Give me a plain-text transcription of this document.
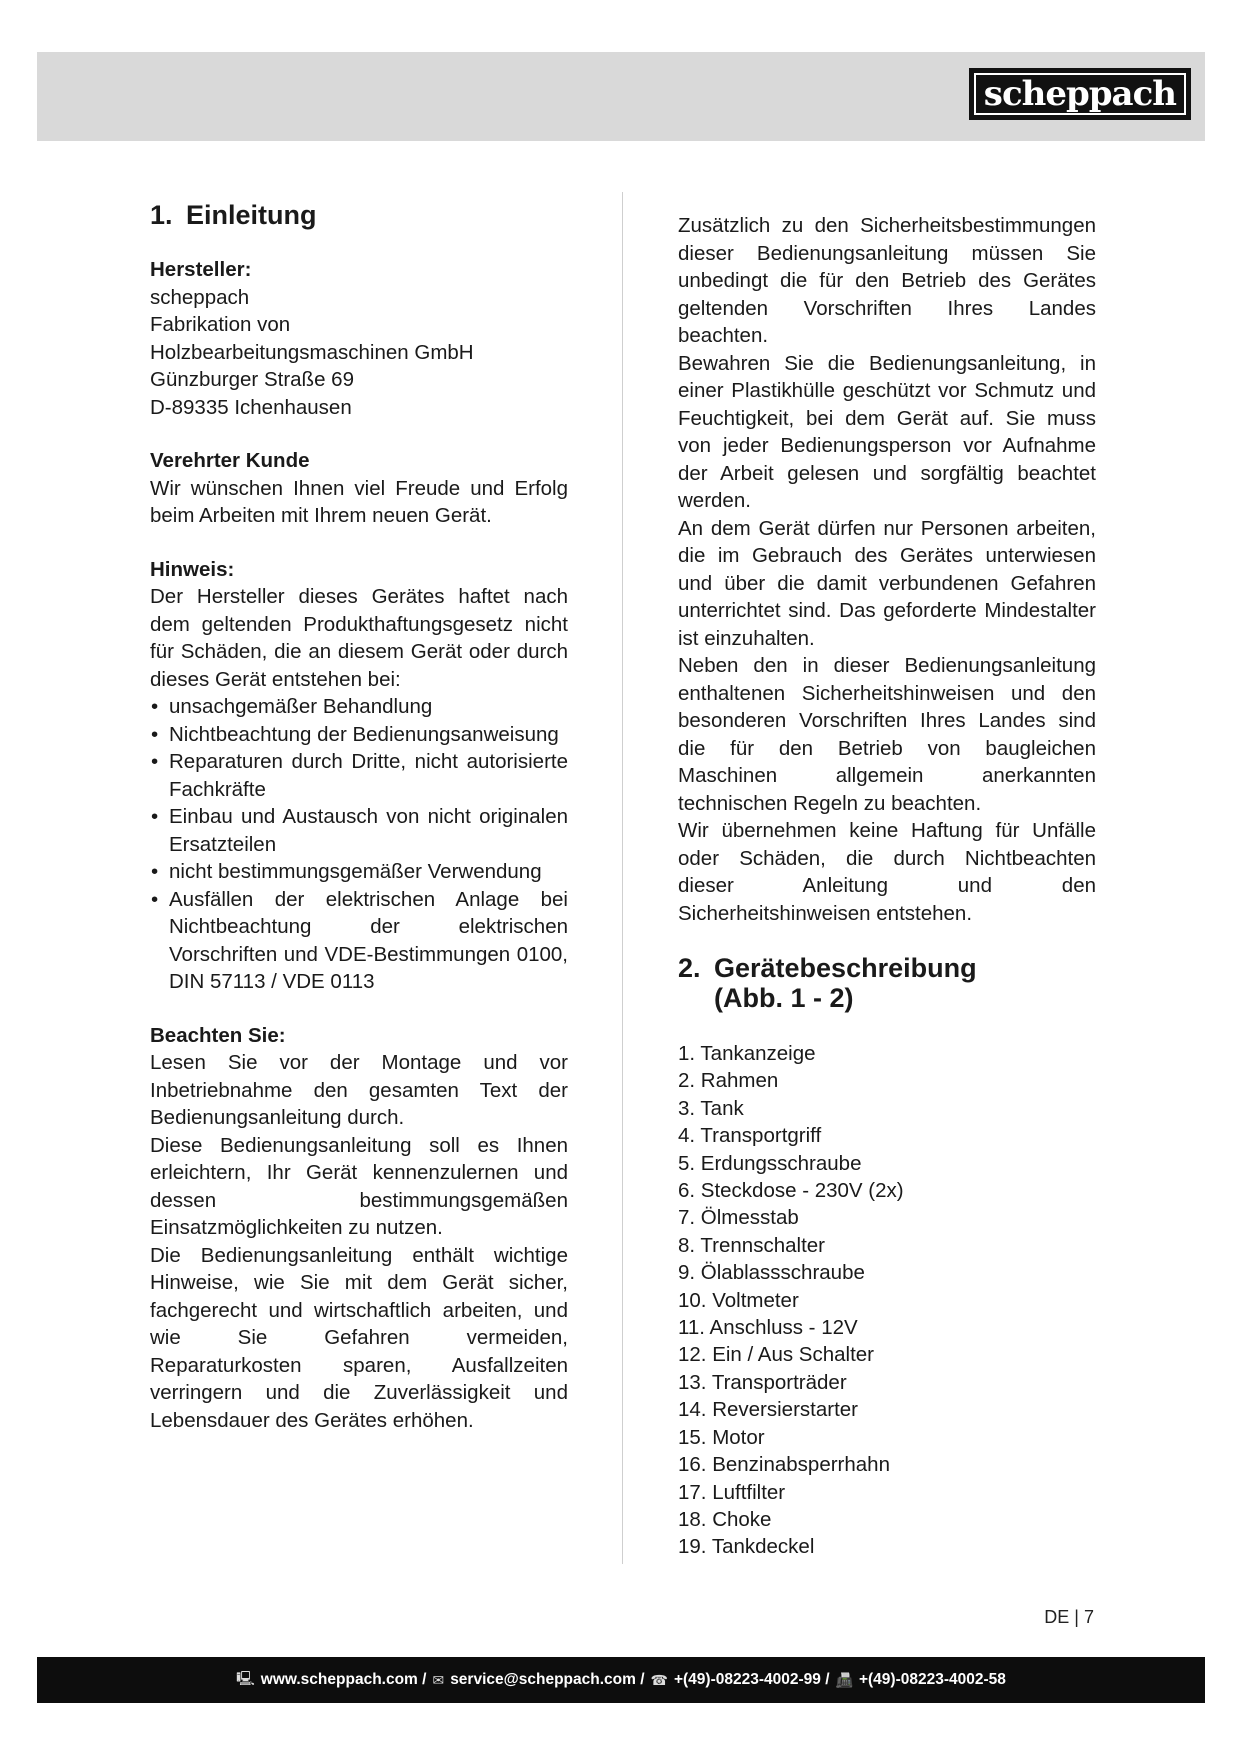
scheppach
1. Einleitung
Hersteller:
scheppach
Fabrikation von
Holzbearbeitungsmaschinen GmbH
Günzburger Straße 69
D-89335 Ichenhausen
Verehrter Kunde
Wir wünschen Ihnen viel Freude und Erfolg beim Arbeiten mit Ihrem neuen Gerät.
Hinweis:
Der Hersteller dieses Gerätes haftet nach dem geltenden Produkthaftungsgesetz nicht für Schäden, die an diesem Gerät oder durch dieses Gerät entstehen bei:
• unsachgemäßer Behandlung
• Nichtbeachtung der Bedienungsanweisung
• Reparaturen durch Dritte, nicht autorisierte Fachkräfte
• Einbau und Austausch von nicht originalen Ersatzteilen
• nicht bestimmungsgemäßer Verwendung
• Ausfällen der elektrischen Anlage bei Nichtbeachtung der elektrischen Vorschriften und VDE-Bestimmungen 0100, DIN 57113 / VDE 0113
Beachten Sie:
Lesen Sie vor der Montage und vor Inbetriebnahme den gesamten Text der Bedienungsanleitung durch.
Diese Bedienungsanleitung soll es Ihnen erleichtern, Ihr Gerät kennenzulernen und dessen bestimmungsgemäßen Einsatzmöglichkeiten zu nutzen.
Die Bedienungsanleitung enthält wichtige Hinweise, wie Sie mit dem Gerät sicher, fachgerecht und wirtschaftlich arbeiten, und wie Sie Gefahren vermeiden, Reparaturkosten sparen, Ausfallzeiten verringern und die Zuverlässigkeit und Lebensdauer des Gerätes erhöhen.
Zusätzlich zu den Sicherheitsbestimmungen dieser Bedienungsanleitung müssen Sie unbedingt die für den Betrieb des Gerätes geltenden Vorschriften Ihres Landes beachten.
Bewahren Sie die Bedienungsanleitung, in einer Plastikhülle geschützt vor Schmutz und Feuchtigkeit, bei dem Gerät auf. Sie muss von jeder Bedienungsperson vor Aufnahme der Arbeit gelesen und sorgfältig beachtet werden.
An dem Gerät dürfen nur Personen arbeiten, die im Gebrauch des Gerätes unterwiesen und über die damit verbundenen Gefahren unterrichtet sind. Das geforderte Mindestalter ist einzuhalten.
Neben den in dieser Bedienungsanleitung enthaltenen Sicherheitshinweisen und den besonderen Vorschriften Ihres Landes sind die für den Betrieb von baugleichen Maschinen allgemein anerkannten technischen Regeln zu beachten.
Wir übernehmen keine Haftung für Unfälle oder Schäden, die durch Nichtbeachten dieser Anleitung und den Sicherheitshinweisen entstehen.
2. Gerätebeschreibung
(Abb. 1 - 2)
1. Tankanzeige
2. Rahmen
3. Tank
4. Transportgriff
5. Erdungsschraube
6. Steckdose - 230V (2x)
7. Ölmesstab
8. Trennschalter
9. Ölablassschraube
10. Voltmeter
11. Anschluss - 12V
12. Ein / Aus Schalter
13. Transporträder
14. Reversierstarter
15. Motor
16. Benzinabsperrhahn
17. Luftfilter
18. Choke
19. Tankdeckel
DE | 7
🖳 www.scheppach.com / ✉ service@scheppach.com / ☎ +(49)-08223-4002-99 / 📠 +(49)-08223-4002-58
